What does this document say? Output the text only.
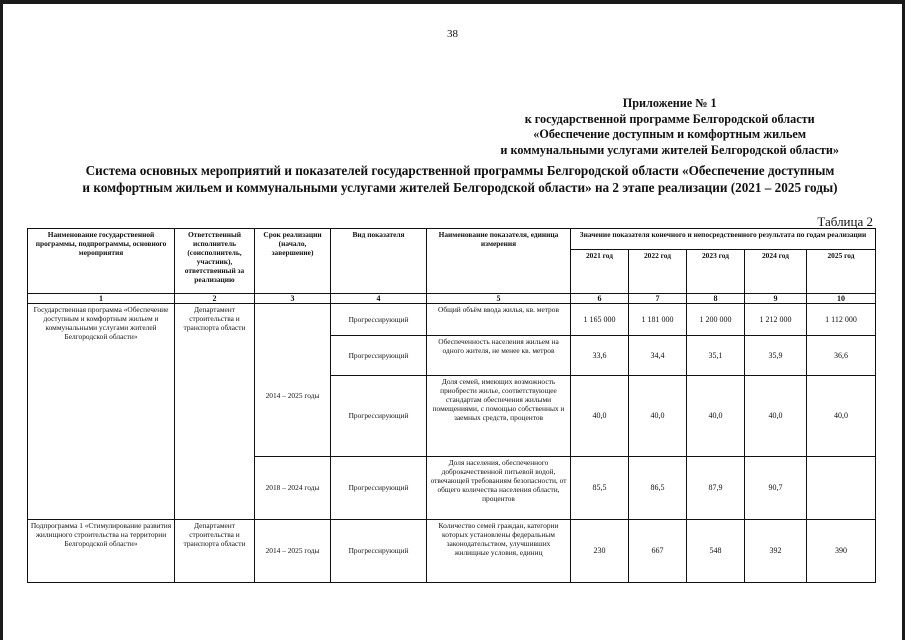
38
Приложение № 1
к государственной программе Белгородской области
«Обеспечение доступным и комфортным жильем
и коммунальными услугами жителей Белгородской области»
Система основных мероприятий и показателей государственной программы Белгородской области «Обеспечение доступным
и комфортным жильем и коммунальными услугами жителей Белгородской области» на 2 этапе реализации (2021 – 2025 годы)
Таблица 2
Наименование государственной программы, подпрограммы, основного мероприятия	Ответственный исполнитель (соисполнитель, участник), ответственный за реализацию	Срок реализации (начало, завершение)	Вид показателя	Наименование показателя, единица измерения	Значение показателя конечного и непосредственного результата по годам реализации				
					2021 год	2022 год	2023 год	2024 год	2025 год
1	2	3	4	5	6	7	8	9	10
Государственная программа «Обеспечение доступным и комфортным жильем и коммунальными услугами жителей Белгородской области»	Департамент строительства и транспорта области		Прогрессирующий	Общий объём ввода жилья, кв. метров	1 165 000	1 181 000	1 200 000	1 212 000	1 112 000
		2014 – 2025 годы	Прогрессирующий	Обеспеченность населения жильем на одного жителя, не менее кв. метров	33,6	34,4	35,1	35,9	36,6
			Прогрессирующий	Доля семей, имеющих возможность приобрести жилье, соответствующее стандартам обеспечения жилыми помещениями, с помощью собственных и заемных средств, процентов	40,0	40,0	40,0	40,0	40,0
		2018 – 2024 годы	Прогрессирующий	Доля населения, обеспеченного доброкачественной питьевой водой, отвечающей требованиям безопасности, от общего количества населения области, процентов	85,5	86,5	87,9	90,7	
Подпрограмма 1 «Стимулирование развития жилищного строительства на территории Белгородской области»	Департамент строительства и транспорта области	2014 – 2025 годы	Прогрессирующий	Количество семей граждан, категории которых установлены федеральным законодательством, улучшивших жилищные условия, единиц	230	667	548	392	390
